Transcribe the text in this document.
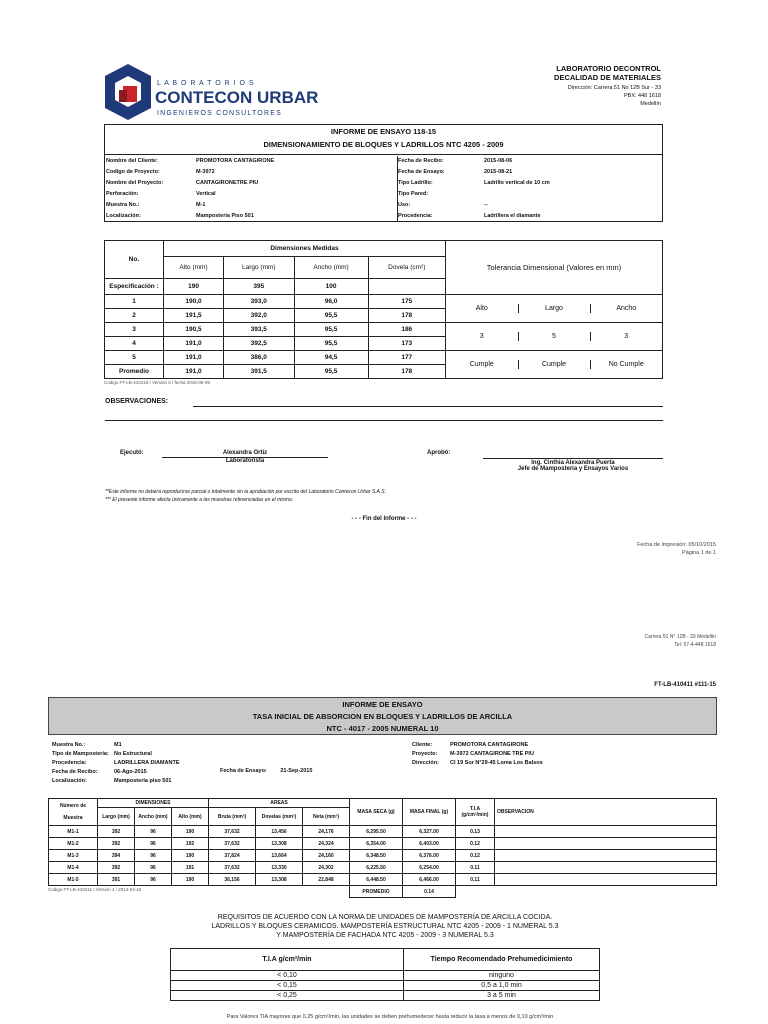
L A B O R A T O R I O S
CONTECON URBAR
INGENIEROS CONSULTORES
LABORATORIO DECONTROL
DECALIDAD DE MATERIALES
Dirección: Carrera 51 No 12B Sur - 33
PBX: 448 1618
Medellín
INFORME DE ENSAYO 118-15
DIMENSIONAMIENTO DE BLOQUES Y LADRILLOS NTC 4205 - 2009
Nombre del Cliente:	PROMOTORA CANTAGIRONE
Codigo de Proyecto:	M-3972
Nombre del Proyecto:	CANTAGIRONETRE PIU
Perforación:	Vertical
Muestra No.:	M-1
Localización:	Mamposteria Piso 501
Fecha de Recibo:	2015-08-06
Fecha de Ensayo:	2015-08-21
Tipo Ladrillo:	Ladrillo vertical de 10 cm
Tipo Pared:
Uso:	--
Procedencia:	Ladrillera el diamante
No.	Dimensiones Medidas	Tolerancia Dimensional (Valores en mm)
Alto (mm)	Largo (mm)	Ancho (mm)	Dovela (cm²)
Especificación :	190	395	100	
1	190,0	393,0	96,0	175	
Alto	Largo	Ancho

2	191,5	392,0	95,5	178
3	190,5	393,5	95,5	186	
3	5	3

4	191,0	392,5	95,5	173
5	191,0	386,0	94,5	177	
Cumple	Cumple	No Cumple

Promedio	191,0	391,5	95,5	178
Codigo FT-LB-410419 / Versión 0 / fecha 2015-06-09
OBSERVACIONES:
Ejecutó:	Alexandra Ortiz
Laboratorista
Aprobó:
Ing. Cinthia Alexandra Puerta
Jefe de Mamposteria y Ensayos Varios
**Este informe no deberá reproducirse parcial o totalmente sin la aprobación por escrito del Laboratorio Contecon Urbar S.A.S.
*** El presente informe afecta únicamente a las muestras referenciadas en el mismo.
- - - Fin del Informe - - -
Fecha de impresión: 05/10/2015
Página 1 de 1
Carrera 51 N° 12B - 33 Medellín
Tel: 57-4-448 1618
FT-LB-410411 #111-15
INFORME DE ENSAYO
TASA INICIAL DE ABSORCION EN BLOQUES Y LADRILLOS DE ARCILLA
NTC - 4017 - 2005 NUMERAL 10
Muestra No.:	M1
Tipo de Mampostería: No Estructural
Procedencia:	LADRILLERA DIAMANTE
Fecha de Recibo:	06-Ago-2015
Localización:	Mamposteria piso 501
Fecha de Ensayo: 21-Sep-2015
Cliente:	PROMOTORA CANTAGIRONE
Proyecto:	M-3972 CANTAGIRONE TRE PIU
Dirección:	Cl 19 Sur N°29-45 Loma Los Balsos
Número de
Muestra	DIMENSIONES			AREAS			MASA SECA (g)	MASA FINAL (g)	T.I.A (g/cm²/min)	OBSERVACION
	Largo (mm)	Ancho (mm)	Alto (mm)	Bruta (mm²)	Dovelas (mm²)	Neta (mm²)				
M1-1	392	96	190	37,632	13,456	24,176	6,295.50	6,327.00	0.13	
M1-2	392	96	192	37,632	13,308	24,324	6,354.00	6,403.00	0.12	
M1-3	394	96	190	37,824	13,664	24,160	6,348.50	6,376.00	0.12	
M1-4	392	96	191	37,632	13,330	24,302	6,225.50	6,254.00	0.11	
M1-5	391	96	190	36,156	13,308	22,848	6,448.50	6,466.00	0.11	
							PROMEDIO	0.14		
Codigo FT-LB-410411 / Versión 4 / 2014-04-15
REQUISITOS DE ACUERDO CON LA NORMA DE UNIDADES DE MAMPOSTERÍA DE ARCILLA COCIDA.
LADRILLOS Y BLOQUES CERAMICOS. MAMPOSTERÍA ESTRUCTURAL NTC 4205 - 2009 - 1 NUMERAL 5.3
Y MAMPOSTERÍA DE FACHADA NTC 4205 - 2009 - 3 NUMERAL 5.3
T.I.A g/cm²/min	Tiempo Recomendado Prehumedicimiento
< 0,10	ninguno
< 0,15	0,5 a 1,0 min
< 0,25	3 a 5 min
Para Valores TIA mayores que 0,25 g/cm²/min, las unidades se deben prehumedecer hasta reducir la tasa a menos de 0,10 g/cm²/min
